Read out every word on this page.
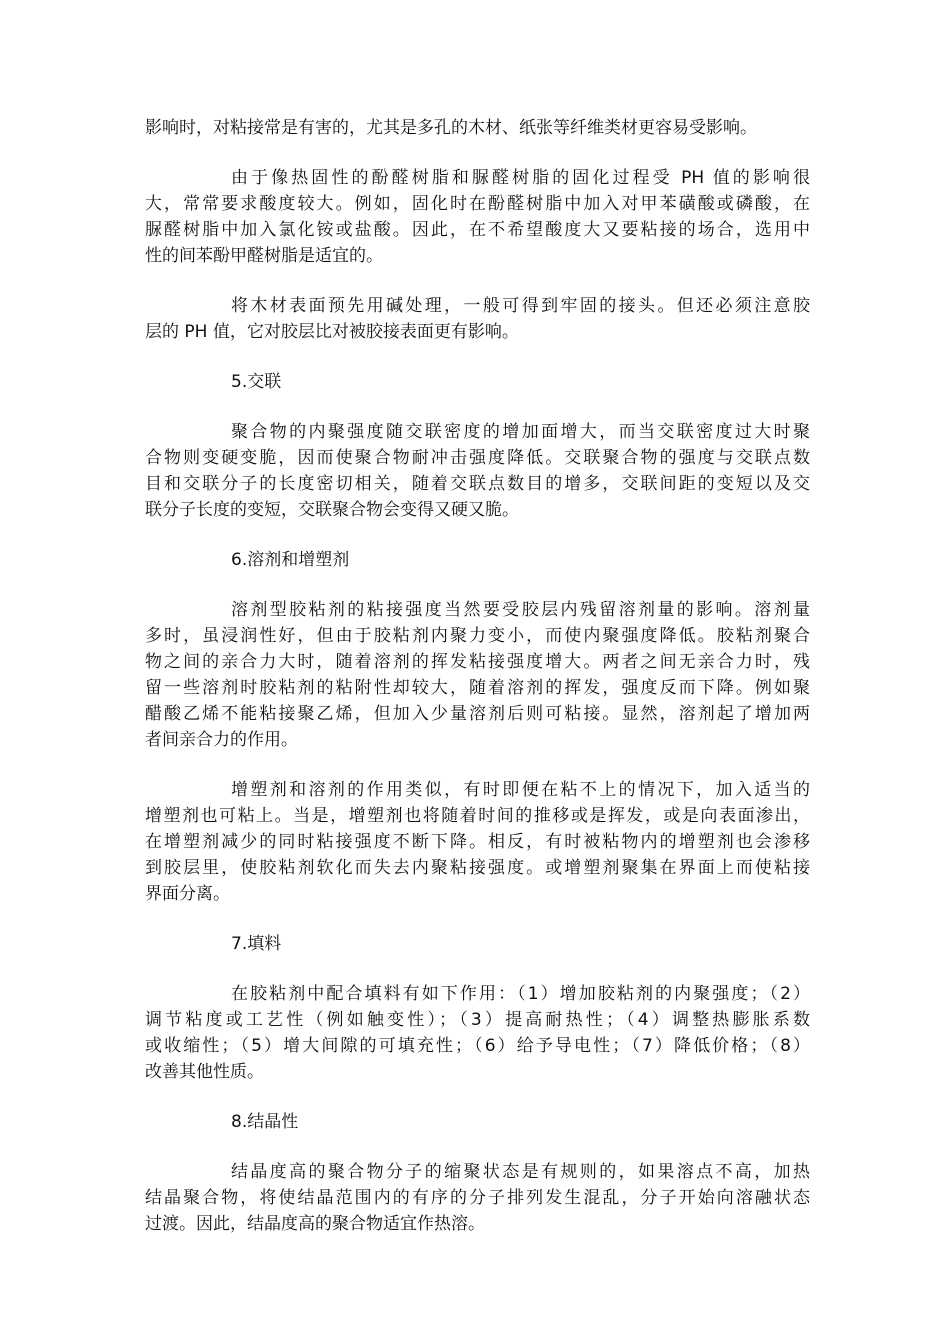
影响时，对粘接常是有害的，尤其是多孔的木材、纸张等纤维类材更容易受影响。
由于像热固性的酚醛树脂和脲醛树脂的固化过程受 PH 值的影响很
大，常常要求酸度较大。例如，固化时在酚醛树脂中加入对甲苯磺酸或磷酸，在
脲醛树脂中加入氯化铵或盐酸。因此，在不希望酸度大又要粘接的场合，选用中
性的间苯酚甲醛树脂是适宜的。
将木材表面预先用碱处理，一般可得到牢固的接头。但还必须注意胶
层的 PH 值，它对胶层比对被胶接表面更有影响。
5.交联
聚合物的内聚强度随交联密度的增加面增大，而当交联密度过大时聚
合物则变硬变脆，因而使聚合物耐冲击强度降低。交联聚合物的强度与交联点数
目和交联分子的长度密切相关，随着交联点数目的增多，交联间距的变短以及交
联分子长度的变短，交联聚合物会变得又硬又脆。
6.溶剂和增塑剂
溶剂型胶粘剂的粘接强度当然要受胶层内残留溶剂量的影响。溶剂量
多时，虽浸润性好，但由于胶粘剂内聚力变小，而使内聚强度降低。胶粘剂聚合
物之间的亲合力大时，随着溶剂的挥发粘接强度增大。两者之间无亲合力时，残
留一些溶剂时胶粘剂的粘附性却较大，随着溶剂的挥发，强度反而下降。例如聚
醋酸乙烯不能粘接聚乙烯，但加入少量溶剂后则可粘接。显然，溶剂起了增加两
者间亲合力的作用。
增塑剂和溶剂的作用类似，有时即便在粘不上的情况下，加入适当的
增塑剂也可粘上。当是，增塑剂也将随着时间的推移或是挥发，或是向表面渗出，
在增塑剂减少的同时粘接强度不断下降。相反，有时被粘物内的增塑剂也会渗移
到胶层里，使胶粘剂软化而失去内聚粘接强度。或增塑剂聚集在界面上而使粘接
界面分离。
7.填料
在胶粘剂中配合填料有如下作用：（1）增加胶粘剂的内聚强度；（2）
调节粘度或工艺性（例如触变性）；（3）提高耐热性；（4）调整热膨胀系数
或收缩性；（5）增大间隙的可填充性；（6）给予导电性；（7）降低价格；（8）
改善其他性质。
8.结晶性
结晶度高的聚合物分子的缩聚状态是有规则的，如果溶点不高，加热
结晶聚合物，将使结晶范围内的有序的分子排列发生混乱，分子开始向溶融状态
过渡。因此，结晶度高的聚合物适宜作热溶。
